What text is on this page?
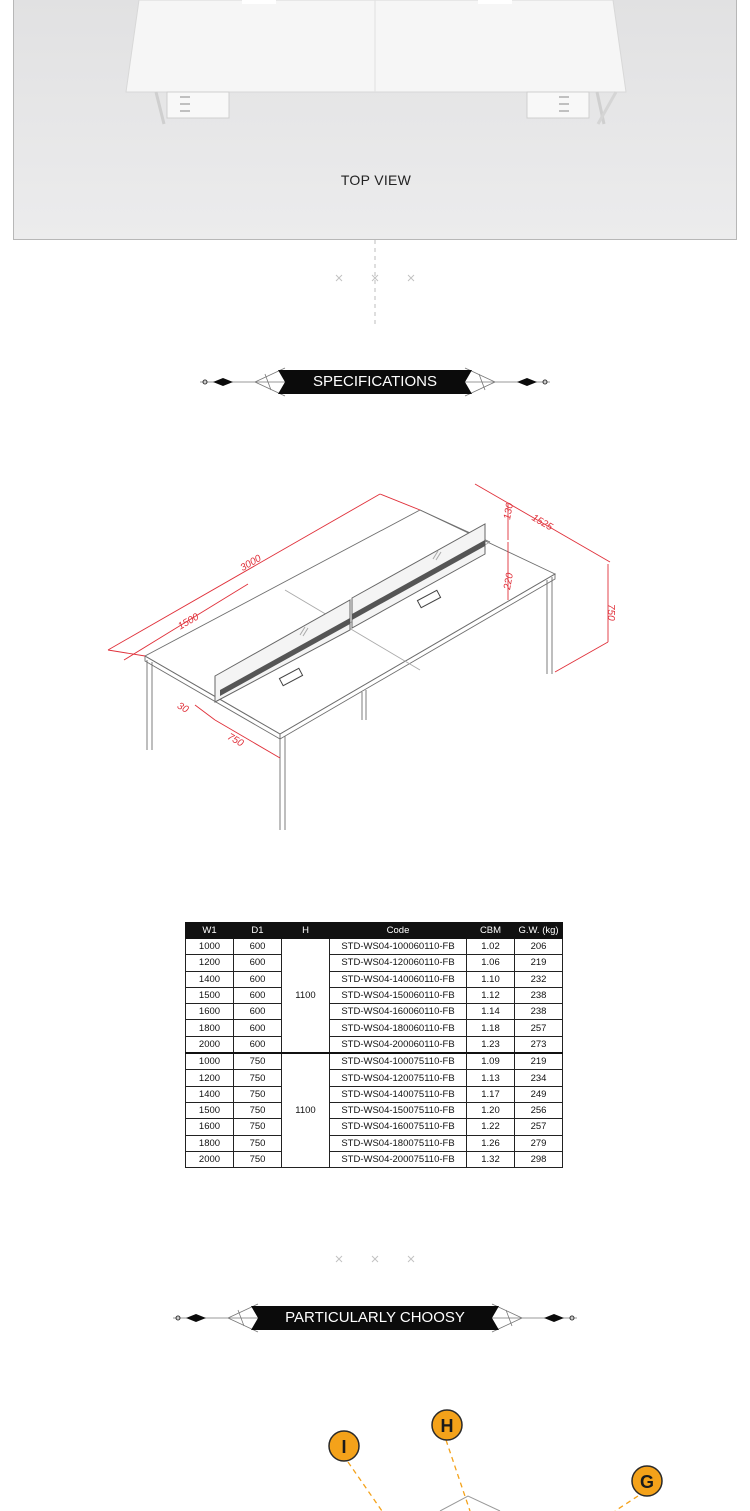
TOP VIEW
SPECIFICATIONS
3000
1500
1525
130
220
750
30
750
W1	D1	H	Code	CBM	G.W. (kg)
1000	600	1100	STD-WS04-100060110-FB	1.02	206
1200	600		STD-WS04-120060110-FB	1.06	219
1400	600		STD-WS04-140060110-FB	1.10	232
1500	600		STD-WS04-150060110-FB	1.12	238
1600	600		STD-WS04-160060110-FB	1.14	238
1800	600		STD-WS04-180060110-FB	1.18	257
2000	600		STD-WS04-200060110-FB	1.23	273
1000	750	1100	STD-WS04-100075110-FB	1.09	219
1200	750		STD-WS04-120075110-FB	1.13	234
1400	750		STD-WS04-140075110-FB	1.17	249
1500	750		STD-WS04-150075110-FB	1.20	256
1600	750		STD-WS04-160075110-FB	1.22	257
1800	750		STD-WS04-180075110-FB	1.26	279
2000	750		STD-WS04-200075110-FB	1.32	298
PARTICULARLY CHOOSY
I
H
G
